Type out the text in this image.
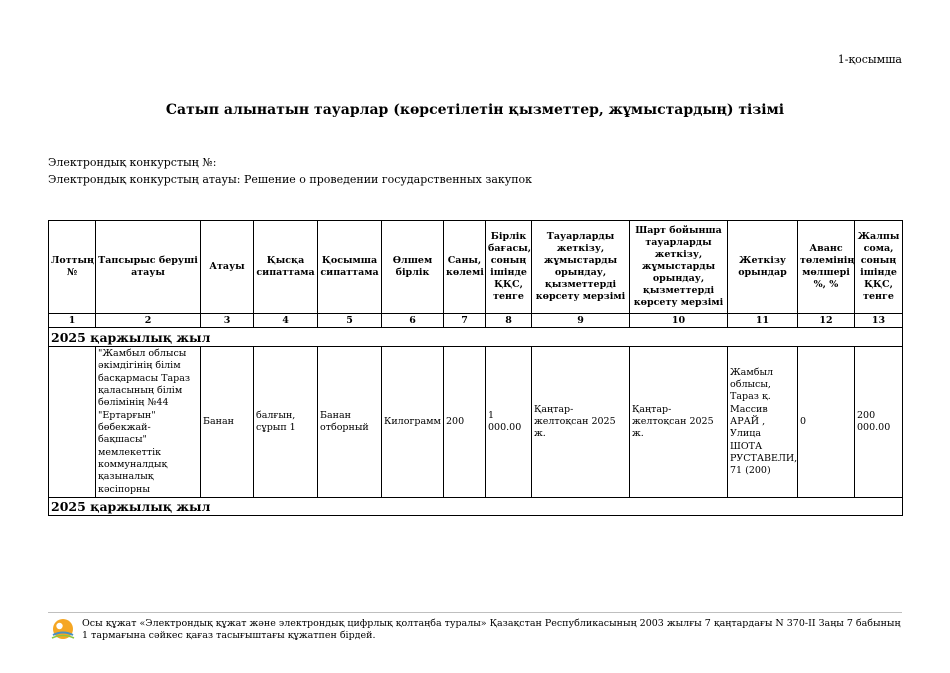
1-қосымша
Сатып алынатын тауарлар (көрсетілетін қызметтер, жұмыстардың) тізімі
Электрондық конкурстың №:
Электрондық конкурстың атауы: Решение о проведении государственных закупок
Лоттың №	Тапсырыс беруші атауы	Атауы	Қысқа сипаттама	Қосымша сипаттама	Өлшем бірлік	Саны, көлемі	Бірлік бағасы, соның ішінде ҚҚС, тенге	Тауарларды жеткізу, жұмыстарды орындау, қызметтерді көрсету мерзімі	Шарт бойынша тауарларды жеткізу, жұмыстарды орындау, қызметтерді көрсету мерзімі	Жеткізу орындар	Аванс төлемінің мөлшері %, %	Жалпы сома, соның ішінде ҚҚС, тенге
1	2	3	4	5	6	7	8	9	10	11	12	13
2025 қаржылық жыл												
	"Жамбыл облысы әкімдігінің білім басқармасы Тараз қаласының білім бөлімінің №44 "Ертарғын" бөбекжай-бақшасы" мемлекеттік коммуналдық қазыналық кәсіпорны	Банан	балғын, сұрып 1	Банан отборный	Килограмм	200	1 000.00	Қаңтар-желтоқсан 2025 ж.	Қаңтар-желтоқсан 2025 ж.	Жамбыл облысы, Тараз қ. Массив АРАЙ , Улица ШОТА РУСТАВЕЛИ, 71 (200)	0	200 000.00
2025 қаржылық жыл												
Осы құжат «Электрондық құжат және электрондық цифрлық қолтаңба туралы» Қазақстан Республикасының 2003 жылғы 7 қаңтардағы N 370-II Заңы 7 бабының 1 тармағына сәйкес қағаз тасығыштағы құжатпен бірдей.
